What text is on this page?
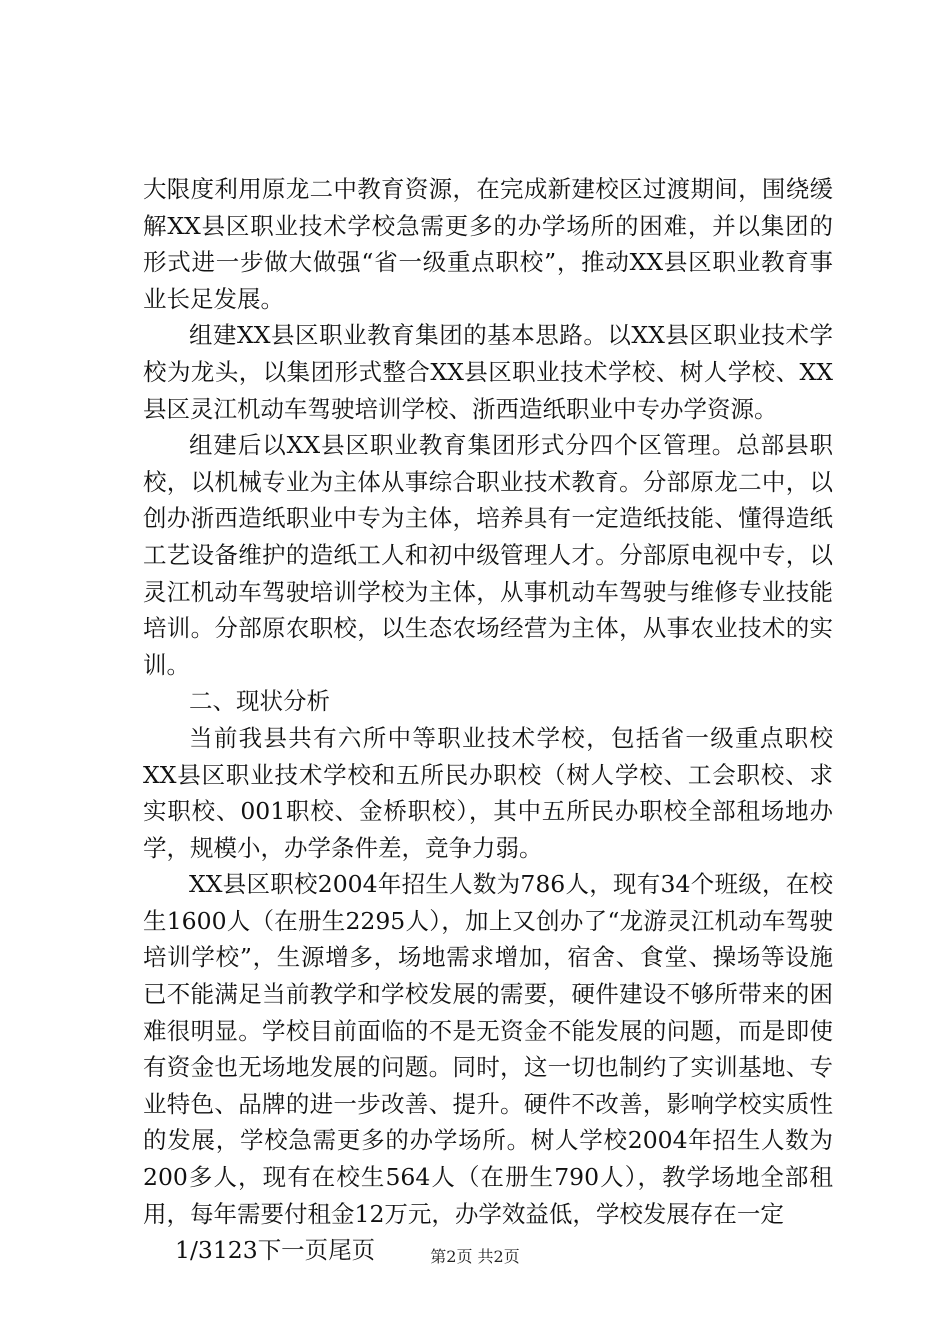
大限度利用原龙二中教育资源，在完成新建校区过渡期间，围绕缓解XX县区职业技术学校急需更多的办学场所的困难，并以集团的形式进一步做大做强“省一级重点职校”，推动XX县区职业教育事业长足发展。

组建XX县区职业教育集团的基本思路。以XX县区职业技术学校为龙头，以集团形式整合XX县区职业技术学校、树人学校、XX县区灵江机动车驾驶培训学校、浙西造纸职业中专办学资源。

组建后以XX县区职业教育集团形式分四个区管理。总部县职校，以机械专业为主体从事综合职业技术教育。分部原龙二中，以创办浙西造纸职业中专为主体，培养具有一定造纸技能、懂得造纸工艺设备维护的造纸工人和初中级管理人才。分部原电视中专，以灵江机动车驾驶培训学校为主体，从事机动车驾驶与维修专业技能培训。分部原农职校，以生态农场经营为主体，从事农业技术的实训。

二、现状分析

当前我县共有六所中等职业技术学校，包括省一级重点职校XX县区职业技术学校和五所民办职校（树人学校、工会职校、求实职校、001职校、金桥职校），其中五所民办职校全部租场地办学，规模小，办学条件差，竞争力弱。

XX县区职校2004年招生人数为786人，现有34个班级，在校生1600人（在册生2295人），加上又创办了“龙游灵江机动车驾驶培训学校”，生源增多，场地需求增加，宿舍、食堂、操场等设施已不能满足当前教学和学校发展的需要，硬件建设不够所带来的困难很明显。学校目前面临的不是无资金不能发展的问题，而是即使有资金也无场地发展的问题。同时，这一切也制约了实训基地、专业特色、品牌的进一步改善、提升。硬件不改善，影响学校实质性的发展，学校急需更多的办学场所。树人学校2004年招生人数为200多人，现有在校生564人（在册生790人），教学场地全部租用，每年需要付租金12万元，办学效益低，学校发展存在一定

1/3123下一页尾页	第2页 共2页
